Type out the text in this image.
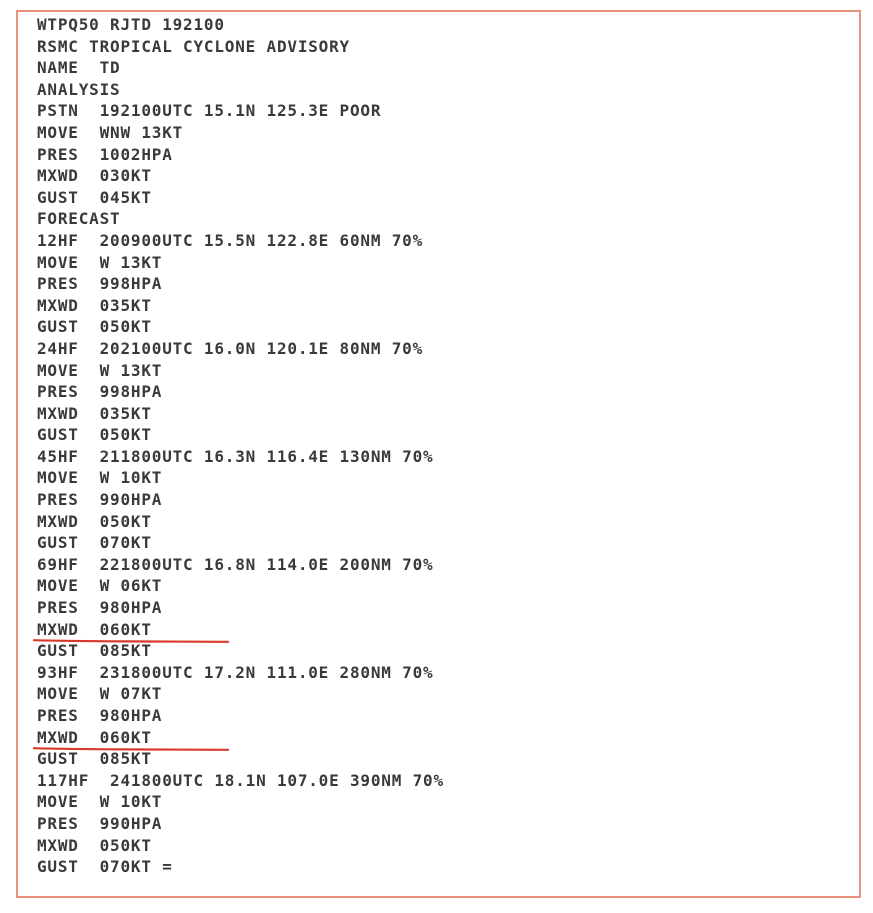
WTPQ50 RJTD 192100
RSMC TROPICAL CYCLONE ADVISORY
NAME  TD
ANALYSIS
PSTN  192100UTC 15.1N 125.3E POOR
MOVE  WNW 13KT
PRES  1002HPA
MXWD  030KT
GUST  045KT
FORECAST
12HF  200900UTC 15.5N 122.8E 60NM 70%
MOVE  W 13KT
PRES  998HPA
MXWD  035KT
GUST  050KT
24HF  202100UTC 16.0N 120.1E 80NM 70%
MOVE  W 13KT
PRES  998HPA
MXWD  035KT
GUST  050KT
45HF  211800UTC 16.3N 116.4E 130NM 70%
MOVE  W 10KT
PRES  990HPA
MXWD  050KT
GUST  070KT
69HF  221800UTC 16.8N 114.0E 200NM 70%
MOVE  W 06KT
PRES  980HPA
MXWD  060KT
GUST  085KT
93HF  231800UTC 17.2N 111.0E 280NM 70%
MOVE  W 07KT
PRES  980HPA
MXWD  060KT
GUST  085KT
117HF  241800UTC 18.1N 107.0E 390NM 70%
MOVE  W 10KT
PRES  990HPA
MXWD  050KT
GUST  070KT =
